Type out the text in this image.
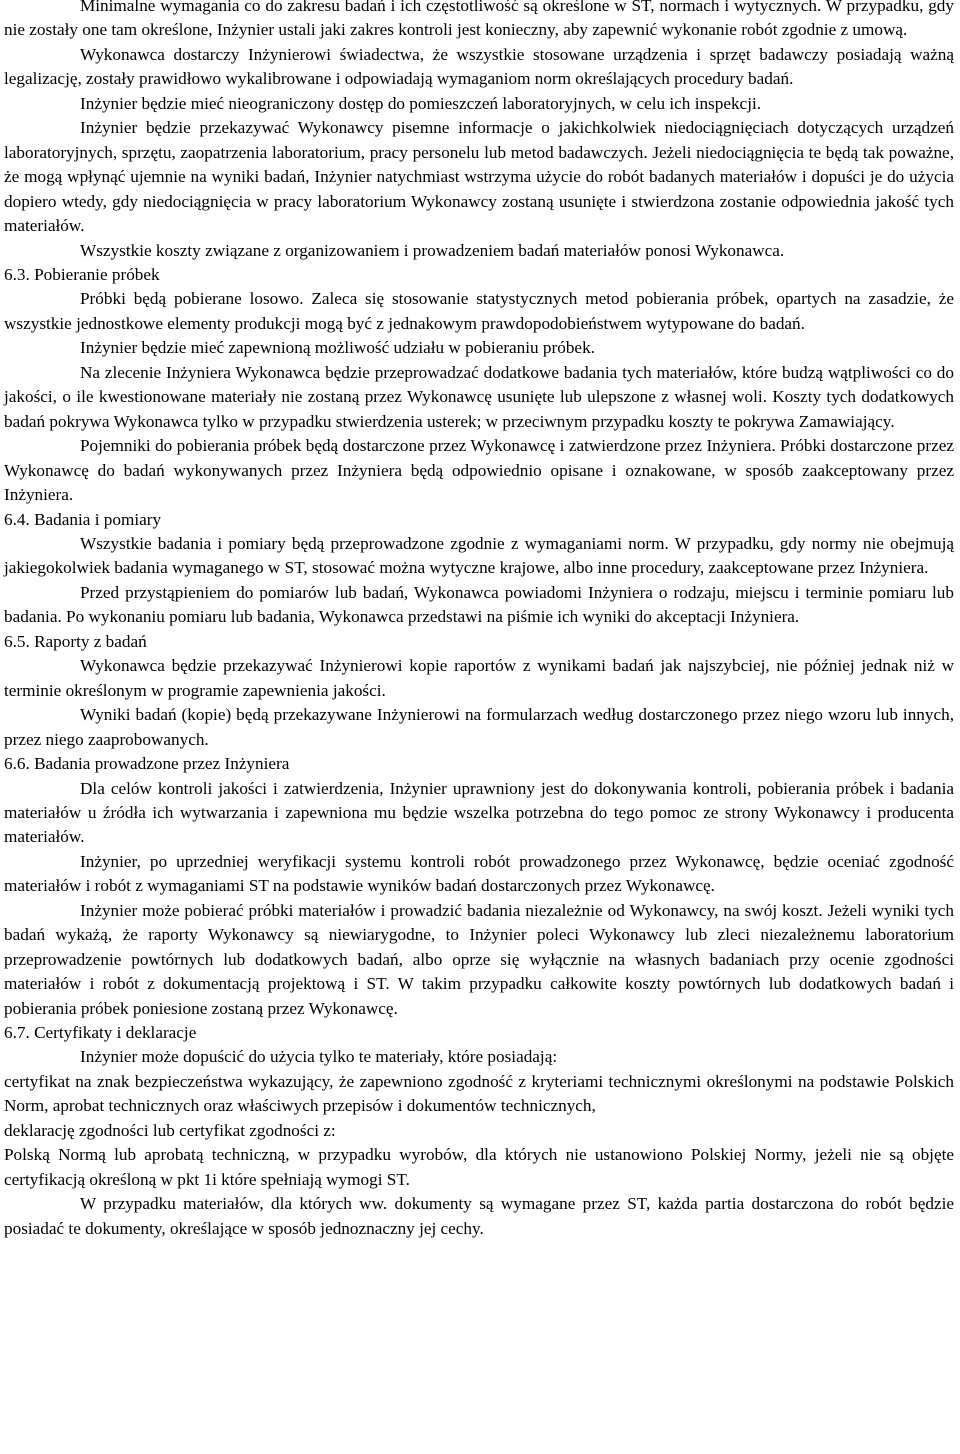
Minimalne wymagania co do zakresu badań i ich częstotliwość są określone w ST, normach i wytycznych. W przypadku, gdy nie zostały one tam określone, Inżynier ustali jaki zakres kontroli jest konieczny, aby zapewnić wykonanie robót zgodnie z umową.

Wykonawca dostarczy Inżynierowi świadectwa, że wszystkie stosowane urządzenia i sprzęt badawczy posiadają ważną legalizację, zostały prawidłowo wykalibrowane i odpowiadają wymaganiom norm określających procedury badań.

Inżynier będzie mieć nieograniczony dostęp do pomieszczeń laboratoryjnych, w celu ich inspekcji.

Inżynier będzie przekazywać Wykonawcy pisemne informacje o jakichkolwiek niedociągnięciach dotyczących urządzeń laboratoryjnych, sprzętu, zaopatrzenia laboratorium, pracy personelu lub metod badawczych. Jeżeli niedociągnięcia te będą tak poważne, że mogą wpłynąć ujemnie na wyniki badań, Inżynier natychmiast wstrzyma użycie do robót badanych materiałów i dopuści je do użycia dopiero wtedy, gdy niedociągnięcia w pracy laboratorium Wykonawcy zostaną usunięte i stwierdzona zostanie odpowiednia jakość tych materiałów.

Wszystkie koszty związane z organizowaniem i prowadzeniem badań materiałów ponosi Wykonawca.

6.3. Pobieranie próbek

Próbki będą pobierane losowo. Zaleca się stosowanie statystycznych metod pobierania próbek, opartych na zasadzie, że wszystkie jednostkowe elementy produkcji mogą być z jednakowym prawdopodobieństwem wytypowane do badań.

Inżynier będzie mieć zapewnioną możliwość udziału w pobieraniu próbek.

Na zlecenie Inżyniera Wykonawca będzie przeprowadzać dodatkowe badania tych materiałów, które budzą wątpliwości co do jakości, o ile kwestionowane materiały nie zostaną przez Wykonawcę usunięte lub ulepszone z własnej woli. Koszty tych dodatkowych badań pokrywa Wykonawca tylko w przypadku stwierdzenia usterek; w przeciwnym przypadku koszty te pokrywa Zamawiający.

Pojemniki do pobierania próbek będą dostarczone przez Wykonawcę i zatwierdzone przez Inżyniera. Próbki dostarczone przez Wykonawcę do badań wykonywanych przez Inżyniera będą odpowiednio opisane i oznakowane, w sposób zaakceptowany przez Inżyniera.

6.4. Badania i pomiary

Wszystkie badania i pomiary będą przeprowadzone zgodnie z wymaganiami norm. W przypadku, gdy normy nie obejmują jakiegokolwiek badania wymaganego w ST, stosować można wytyczne krajowe, albo inne procedury, zaakceptowane przez Inżyniera.

Przed przystąpieniem do pomiarów lub badań, Wykonawca powiadomi Inżyniera o rodzaju, miejscu i terminie pomiaru lub badania. Po wykonaniu pomiaru lub badania, Wykonawca przedstawi na piśmie ich wyniki do akceptacji Inżyniera.

6.5. Raporty z badań

Wykonawca będzie przekazywać Inżynierowi kopie raportów z wynikami badań jak najszybciej, nie później jednak niż w terminie określonym w programie zapewnienia jakości.

Wyniki badań (kopie) będą przekazywane Inżynierowi na formularzach według dostarczonego przez niego wzoru lub innych, przez niego zaaprobowanych.

6.6. Badania prowadzone przez Inżyniera

Dla celów kontroli jakości i zatwierdzenia, Inżynier uprawniony jest do dokonywania kontroli, pobierania próbek i badania materiałów u źródła ich wytwarzania i zapewniona mu będzie wszelka potrzebna do tego pomoc ze strony Wykonawcy i producenta materiałów.

Inżynier, po uprzedniej weryfikacji systemu kontroli robót prowadzonego przez Wykonawcę, będzie oceniać zgodność materiałów i robót z wymaganiami ST na podstawie wyników badań dostarczonych przez Wykonawcę.

Inżynier może pobierać próbki materiałów i prowadzić badania niezależnie od Wykonawcy, na swój koszt. Jeżeli wyniki tych badań wykażą, że raporty Wykonawcy są niewiarygodne, to Inżynier poleci Wykonawcy lub zleci niezależnemu laboratorium przeprowadzenie powtórnych lub dodatkowych badań, albo oprze się wyłącznie na własnych badaniach przy ocenie zgodności materiałów i robót z dokumentacją projektową i ST. W takim przypadku całkowite koszty powtórnych lub dodatkowych badań i pobierania próbek poniesione zostaną przez Wykonawcę.

6.7. Certyfikaty i deklaracje

Inżynier może dopuścić do użycia tylko te materiały, które posiadają:

certyfikat na znak bezpieczeństwa wykazujący, że zapewniono zgodność z kryteriami technicznymi określonymi na podstawie Polskich Norm, aprobat technicznych oraz właściwych przepisów i dokumentów technicznych,

deklarację zgodności lub certyfikat zgodności z:

Polską Normą lub aprobatą techniczną, w przypadku wyrobów, dla których nie ustanowiono Polskiej Normy, jeżeli nie są objęte certyfikacją określoną w pkt 1i które spełniają wymogi ST.

W przypadku materiałów, dla których ww. dokumenty są wymagane przez ST, każda partia dostarczona do robót będzie posiadać te dokumenty, określające w sposób jednoznaczny jej cechy.
